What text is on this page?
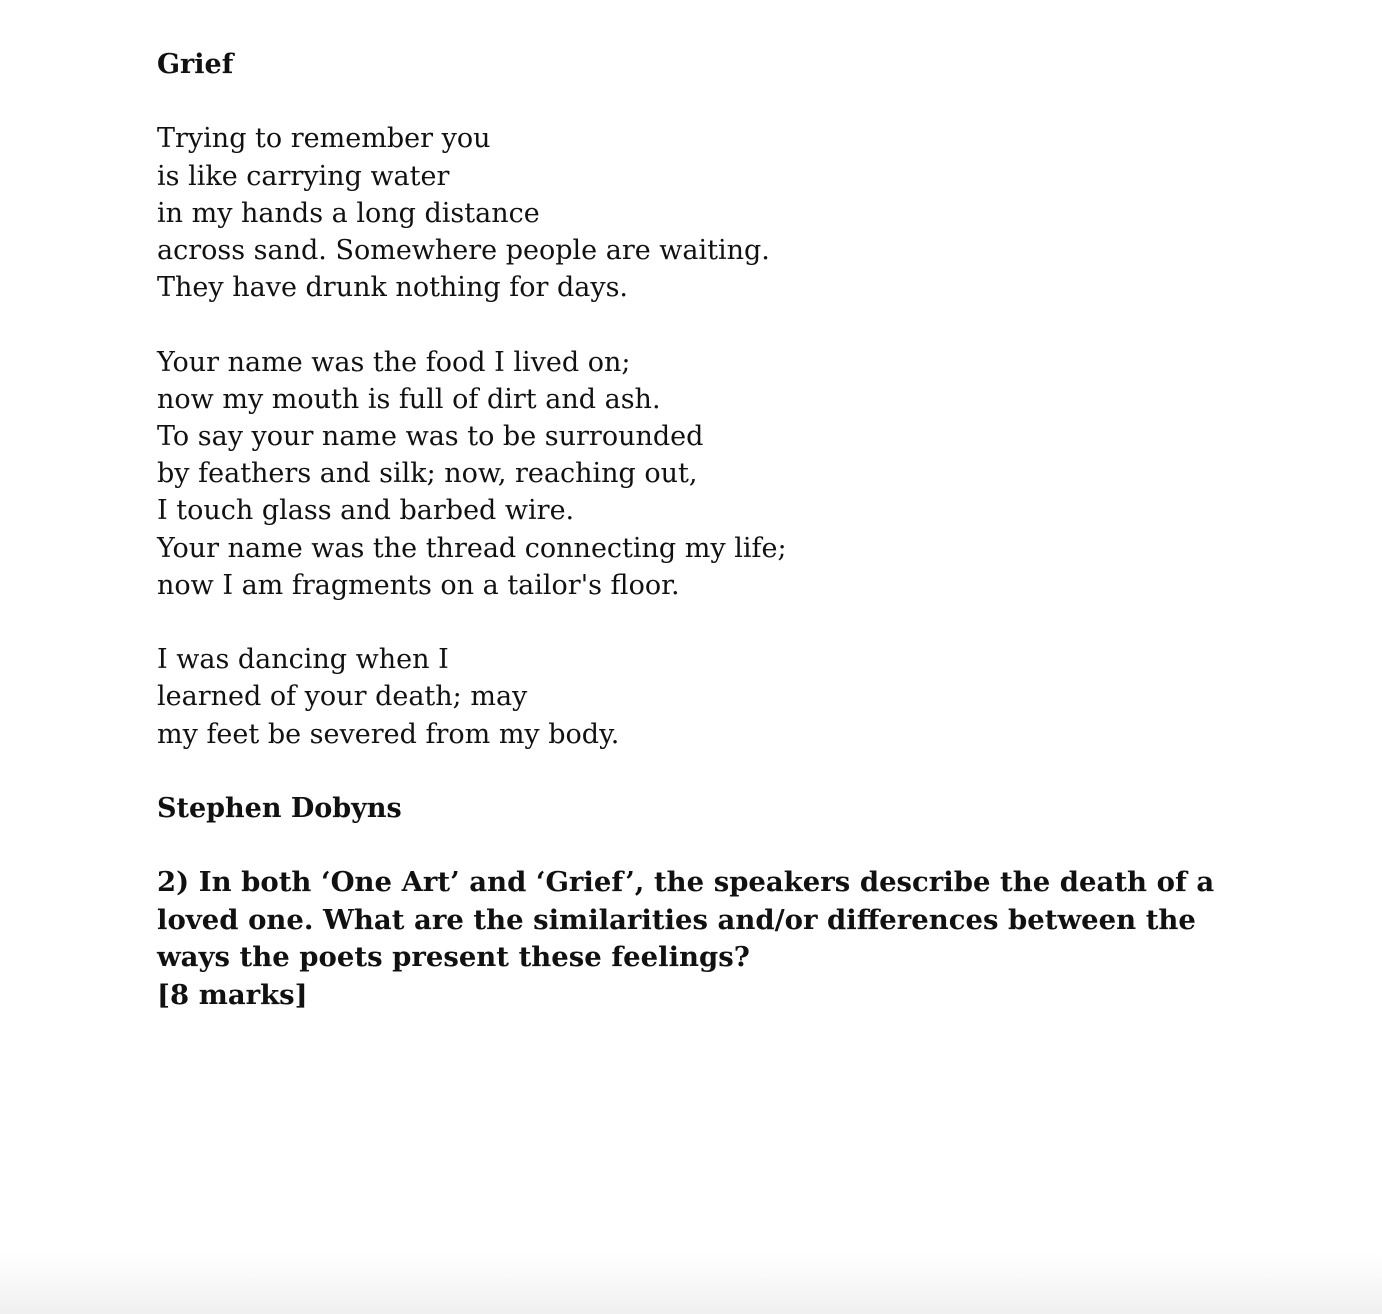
Grief

Trying to remember you
is like carrying water
in my hands a long distance
across sand. Somewhere people are waiting.
They have drunk nothing for days.
Your name was the food I lived on;
now my mouth is full of dirt and ash.
To say your name was to be surrounded
by feathers and silk; now, reaching out,
I touch glass and barbed wire.
Your name was the thread connecting my life;
now I am fragments on a tailor's floor.
I was dancing when I
learned of your death; may
my feet be severed from my body.

Stephen Dobyns

2) In both ‘One Art’ and ‘Grief’, the speakers describe the death of a loved one. What are the similarities and/or differences between the ways the poets present these feelings?

[8 marks]
